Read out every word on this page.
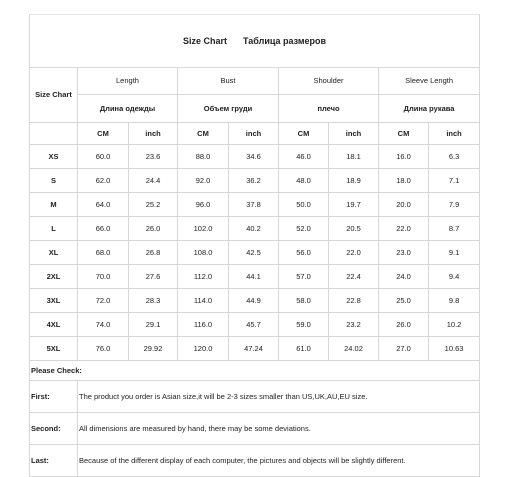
Size Chart Таблица размеров								
Size Chart	Length		Bust		Shoulder		Sleeve Length	
	Длина одежды		Объем груди		плечо		Длина рукава	
	CM	inch	CM	inch	CM	inch	CM	inch
XS	60.0	23.6	88.0	34.6	46.0	18.1	16.0	6.3
S	62.0	24.4	92.0	36.2	48.0	18.9	18.0	7.1
M	64.0	25.2	96.0	37.8	50.0	19.7	20.0	7.9
L	66.0	26.0	102.0	40.2	52.0	20.5	22.0	8.7
XL	68.0	26.8	108.0	42.5	56.0	22.0	23.0	9.1
2XL	70.0	27.6	112.0	44.1	57.0	22.4	24.0	9.4
3XL	72.0	28.3	114.0	44.9	58.0	22.8	25.0	9.8
4XL	74.0	29.1	116.0	45.7	59.0	23.2	26.0	10.2
5XL	76.0	29.92	120.0	47.24	61.0	24.02	27.0	10.63
Please Check:								
First:	The product you order is Asian size,it will be 2-3 sizes smaller than US,UK,AU,EU size.							
Second:	All dimensions are measured by hand, there may be some deviations.							
Last:	Because of the different display of each computer, the pictures and objects will be slightly different.							
